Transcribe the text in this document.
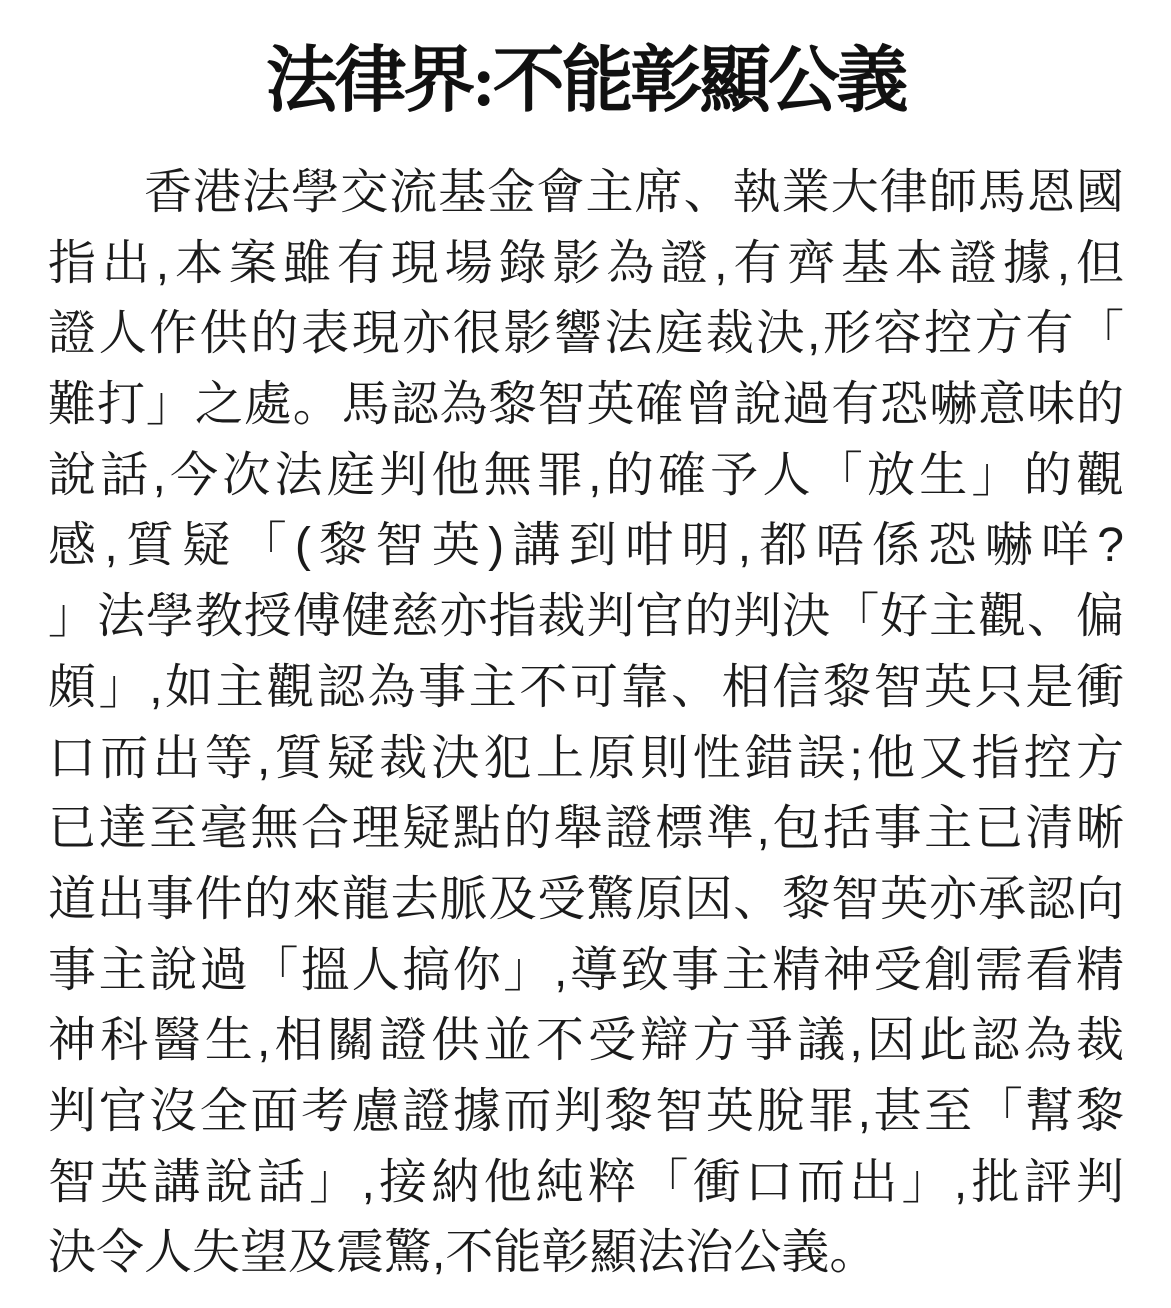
法律界:不能彰顯公義
香港法學交流基金會主席、執業大律師馬恩國
指出,本案雖有現場錄影為證,有齊基本證據,但
證人作供的表現亦很影響法庭裁決,形容控方有「
難打」之處。馬認為黎智英確曾說過有恐嚇意味的
說話,今次法庭判他無罪,的確予人「放生」的觀
感,質疑「(黎智英)講到咁明,都唔係恐嚇咩?
」法學教授傅健慈亦指裁判官的判決「好主觀、偏
頗」,如主觀認為事主不可靠、相信黎智英只是衝
口而出等,質疑裁決犯上原則性錯誤;他又指控方
已達至毫無合理疑點的舉證標準,包括事主已清晰
道出事件的來龍去脈及受驚原因、黎智英亦承認向
事主說過「搵人搞你」,導致事主精神受創需看精
神科醫生,相關證供並不受辯方爭議,因此認為裁
判官沒全面考慮證據而判黎智英脫罪,甚至「幫黎
智英講說話」,接納他純粹「衝口而出」,批評判
決令人失望及震驚,不能彰顯法治公義。
